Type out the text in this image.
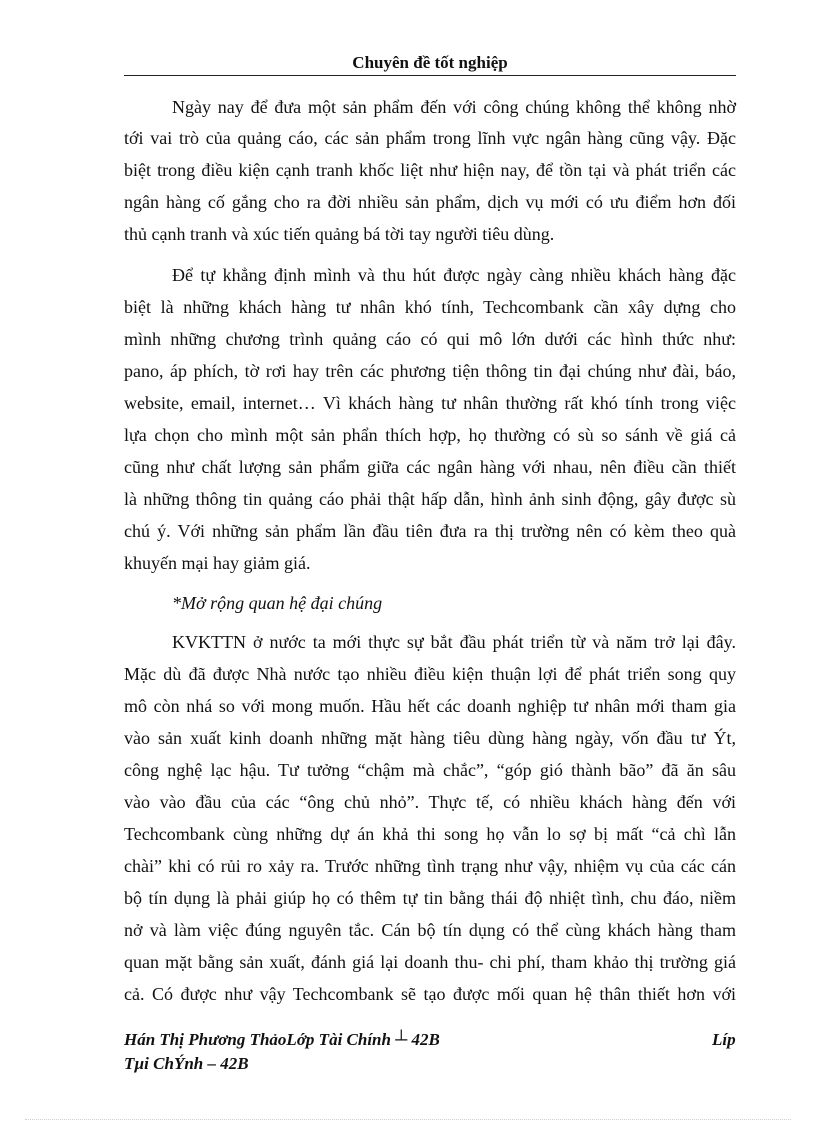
Chuyên đề tốt nghiệp
Ngày nay để đưa một sản phẩm đến với công chúng không thể không nhờ
tới vai trò của quảng cáo, các sản phẩm trong lĩnh vực ngân hàng cũng vậy. Đặc
biệt trong điều kiện cạnh tranh khốc liệt như hiện nay, để tồn tại và phát triển các
ngân hàng cố gắng cho ra đời nhiều sản phẩm, dịch vụ mới có ưu điểm hơn đối
thủ cạnh tranh và xúc tiến quảng bá tời tay người tiêu dùng.
Để tự khẳng định mình và thu hút được ngày càng nhiều khách hàng đặc
biệt là những khách hàng tư nhân khó tính, Techcombank cần xây dựng cho
mình những chương trình quảng cáo có qui mô lớn dưới các hình thức như:
pano, áp phích, tờ rơi hay trên các phương tiện thông tin đại chúng như đài, báo,
website, email, internet… Vì khách hàng tư nhân thường rất khó tính trong việc
lựa chọn cho mình một sản phẩn thích hợp, họ thường có sù so sánh về giá cả
cũng như chất lượng sản phẩm giữa các ngân hàng với nhau, nên điều cần thiết
là những thông tin quảng cáo phải thật hấp dẫn, hình ảnh sinh động, gây được sù
chú ý. Với những sản phẩm lần đầu tiên đưa ra thị trường nên có kèm theo quà
khuyến mại hay giảm giá.
*Mở rộng quan hệ đại chúng
KVKTTN ở nước ta mới thực sự bắt đầu phát triển từ và năm trở lại đây.
Mặc dù đã được Nhà nước tạo nhiều điều kiện thuận lợi để phát triển song quy
mô còn nhá so với mong muốn. Hầu hết các doanh nghiệp tư nhân mới tham gia
vào sản xuất kinh doanh những mặt hàng tiêu dùng hàng ngày, vốn đầu tư Ýt,
công nghệ lạc hậu. Tư tưởng “chậm mà chắc”, “góp gió thành bão” đã ăn sâu
vào vào đầu của các “ông chủ nhỏ”. Thực tế, có nhiều khách hàng đến với
Techcombank cùng những dự án khả thi song họ vẫn lo sợ bị mất “cả chì lẫn
chài” khi có rủi ro xảy ra. Trước những tình trạng như vậy, nhiệm vụ của các cán
bộ tín dụng là phải giúp họ có thêm tự tin bằng thái độ nhiệt tình, chu đáo, niềm
nở và làm việc đúng nguyên tắc. Cán bộ tín dụng có thể cùng khách hàng tham
quan mặt bằng sản xuất, đánh giá lại doanh thu- chi phí, tham khảo thị trường giá
cả. Có được như vậy Techcombank sẽ tạo được mối quan hệ thân thiết hơn với
Hán Thị Phương ThảoLớp Tài Chính ┴ 42B	Líp
Tµi ChÝnh – 42B
